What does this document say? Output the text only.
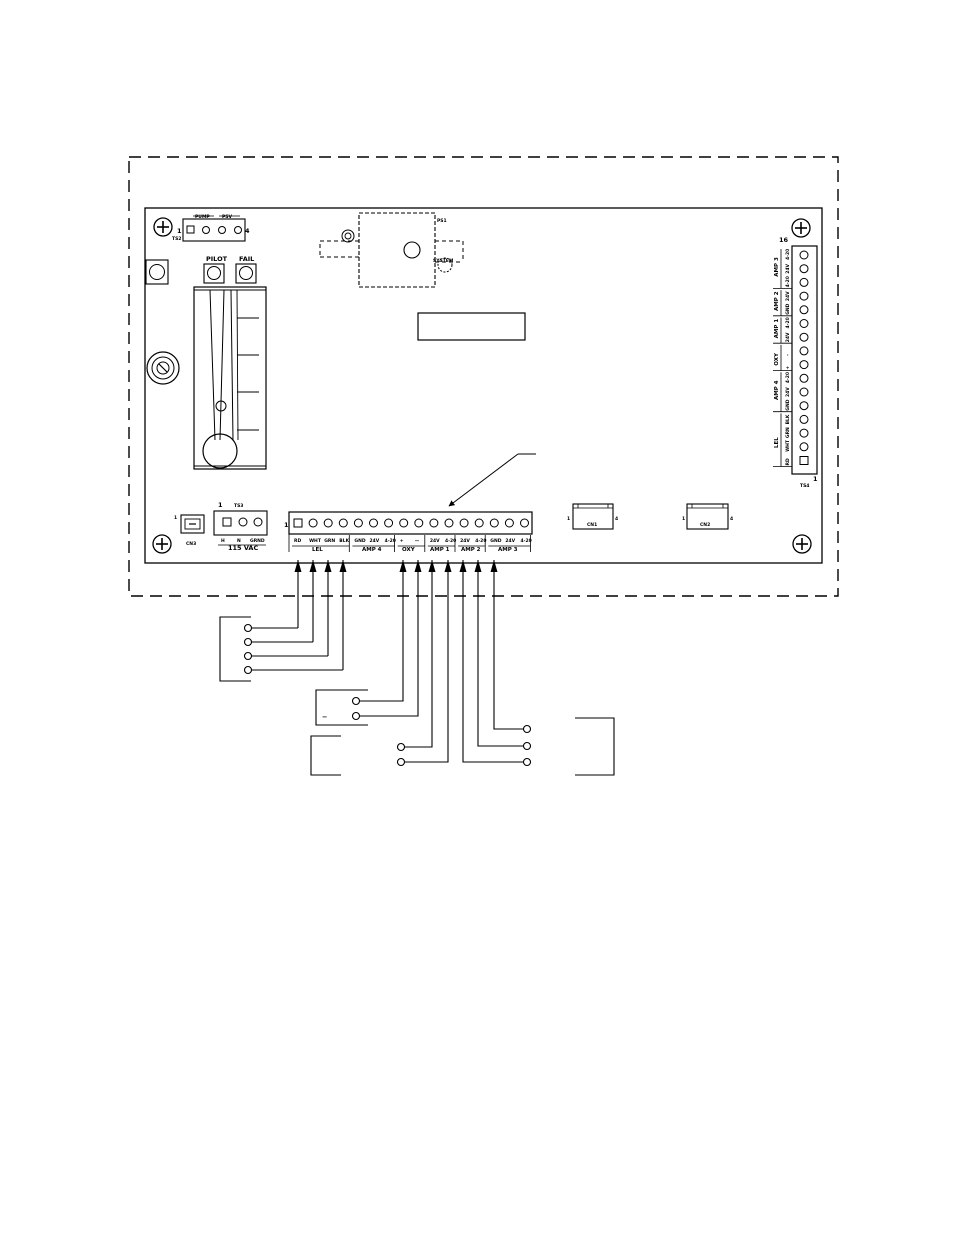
PUMP	PSV
1	4
TS2
PILOT FAIL
PS1
SYSTEM
16
1
TS4
RD
WHT
GRN
BLK
GND
24V
4-20
+
-
24V
4-20
GND
24V
4-20
24V
4-20
LEL
AMP 4
OXY
AMP 1
AMP 2
AMP 3
1
CN3
1	TS3
H	N GRND
115 VAC
1
RD WHT GRN BLK GND 24V 4-20 +	— 24V 4-20 24V 4-20 GND 24V 4-20
LEL	AMP 4	OXY	AMP 1 AMP 2	AMP 3
1	4
CN1
1	4
CN2
−
